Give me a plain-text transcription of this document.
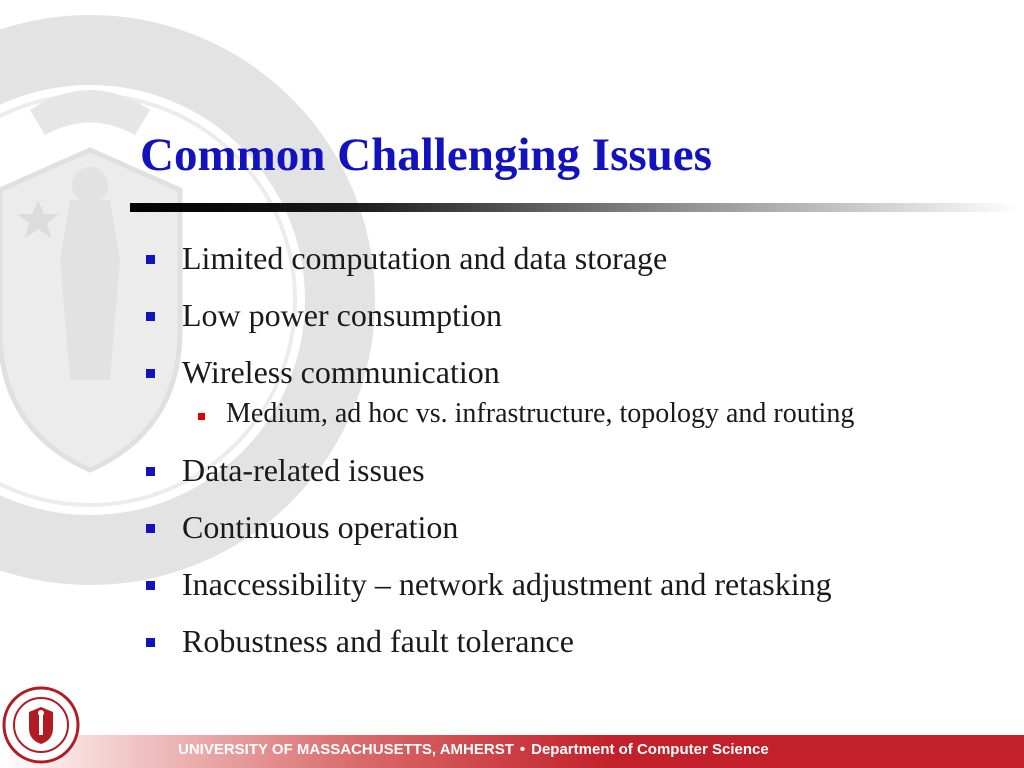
Common Challenging Issues
Limited computation and data storage
Low power consumption
Wireless communication
Medium, ad hoc vs. infrastructure, topology and routing
Data-related issues
Continuous operation
Inaccessibility – network adjustment and retasking
Robustness and fault tolerance
UNIVERSITY OF MASSACHUSETTS, AMHERST • Department of Computer Science
